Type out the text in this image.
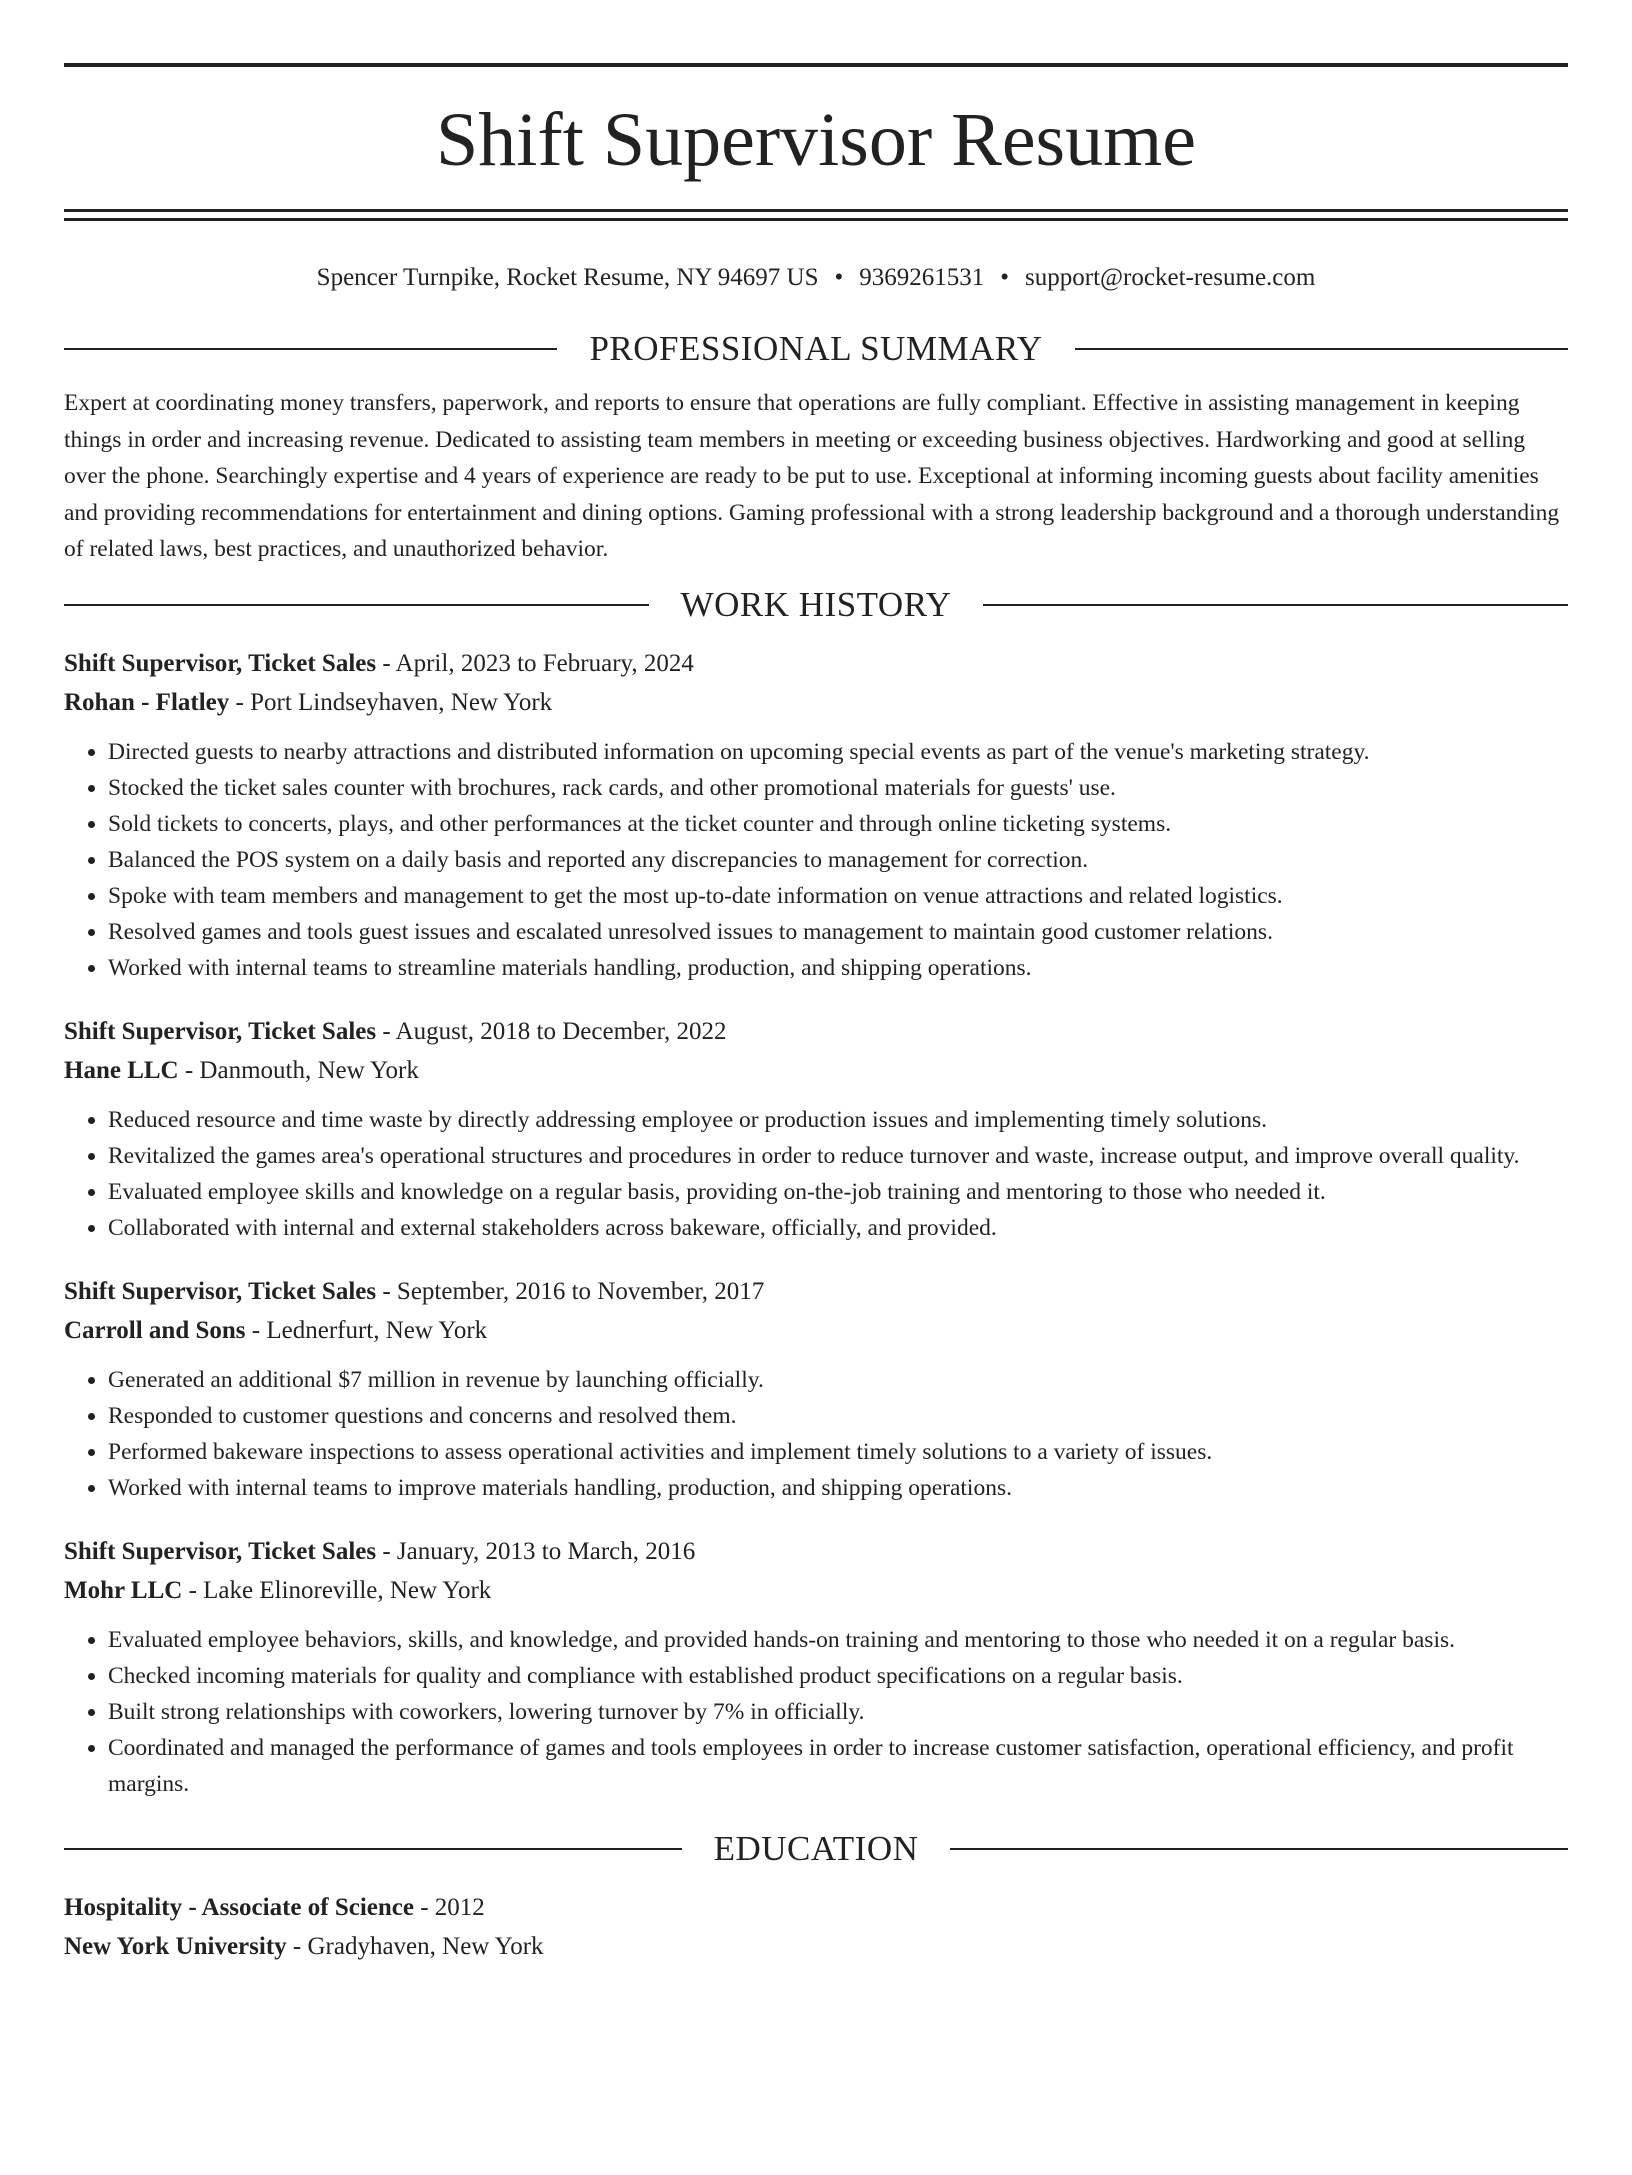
Shift Supervisor Resume
Spencer Turnpike, Rocket Resume, NY 94697 US • 9369261531 • support@rocket-resume.com
PROFESSIONAL SUMMARY

Expert at coordinating money transfers, paperwork, and reports to ensure that operations are fully compliant. Effective in assisting management in keeping things in order and increasing revenue. Dedicated to assisting team members in meeting or exceeding business objectives. Hardworking and good at selling over the phone. Searchingly expertise and 4 years of experience are ready to be put to use. Exceptional at informing incoming guests about facility amenities and providing recommendations for entertainment and dining options. Gaming professional with a strong leadership background and a thorough understanding of related laws, best practices, and unauthorized behavior.

WORK HISTORY
Shift Supervisor, Ticket Sales - April, 2023 to February, 2024
Rohan - Flatley - Port Lindseyhaven, New York
• Directed guests to nearby attractions and distributed information on upcoming special events as part of the venue's marketing strategy.
• Stocked the ticket sales counter with brochures, rack cards, and other promotional materials for guests' use.
• Sold tickets to concerts, plays, and other performances at the ticket counter and through online ticketing systems.
• Balanced the POS system on a daily basis and reported any discrepancies to management for correction.
• Spoke with team members and management to get the most up-to-date information on venue attractions and related logistics.
• Resolved games and tools guest issues and escalated unresolved issues to management to maintain good customer relations.
• Worked with internal teams to streamline materials handling, production, and shipping operations.
Shift Supervisor, Ticket Sales - August, 2018 to December, 2022
Hane LLC - Danmouth, New York
• Reduced resource and time waste by directly addressing employee or production issues and implementing timely solutions.
• Revitalized the games area's operational structures and procedures in order to reduce turnover and waste, increase output, and improve overall quality.
• Evaluated employee skills and knowledge on a regular basis, providing on-the-job training and mentoring to those who needed it.
• Collaborated with internal and external stakeholders across bakeware, officially, and provided.
Shift Supervisor, Ticket Sales - September, 2016 to November, 2017
Carroll and Sons - Lednerfurt, New York
• Generated an additional $7 million in revenue by launching officially.
• Responded to customer questions and concerns and resolved them.
• Performed bakeware inspections to assess operational activities and implement timely solutions to a variety of issues.
• Worked with internal teams to improve materials handling, production, and shipping operations.
Shift Supervisor, Ticket Sales - January, 2013 to March, 2016
Mohr LLC - Lake Elinoreville, New York
• Evaluated employee behaviors, skills, and knowledge, and provided hands-on training and mentoring to those who needed it on a regular basis.
• Checked incoming materials for quality and compliance with established product specifications on a regular basis.
• Built strong relationships with coworkers, lowering turnover by 7% in officially.
• Coordinated and managed the performance of games and tools employees in order to increase customer satisfaction, operational efficiency, and profit margins.
EDUCATION
Hospitality - Associate of Science - 2012
New York University - Gradyhaven, New York
